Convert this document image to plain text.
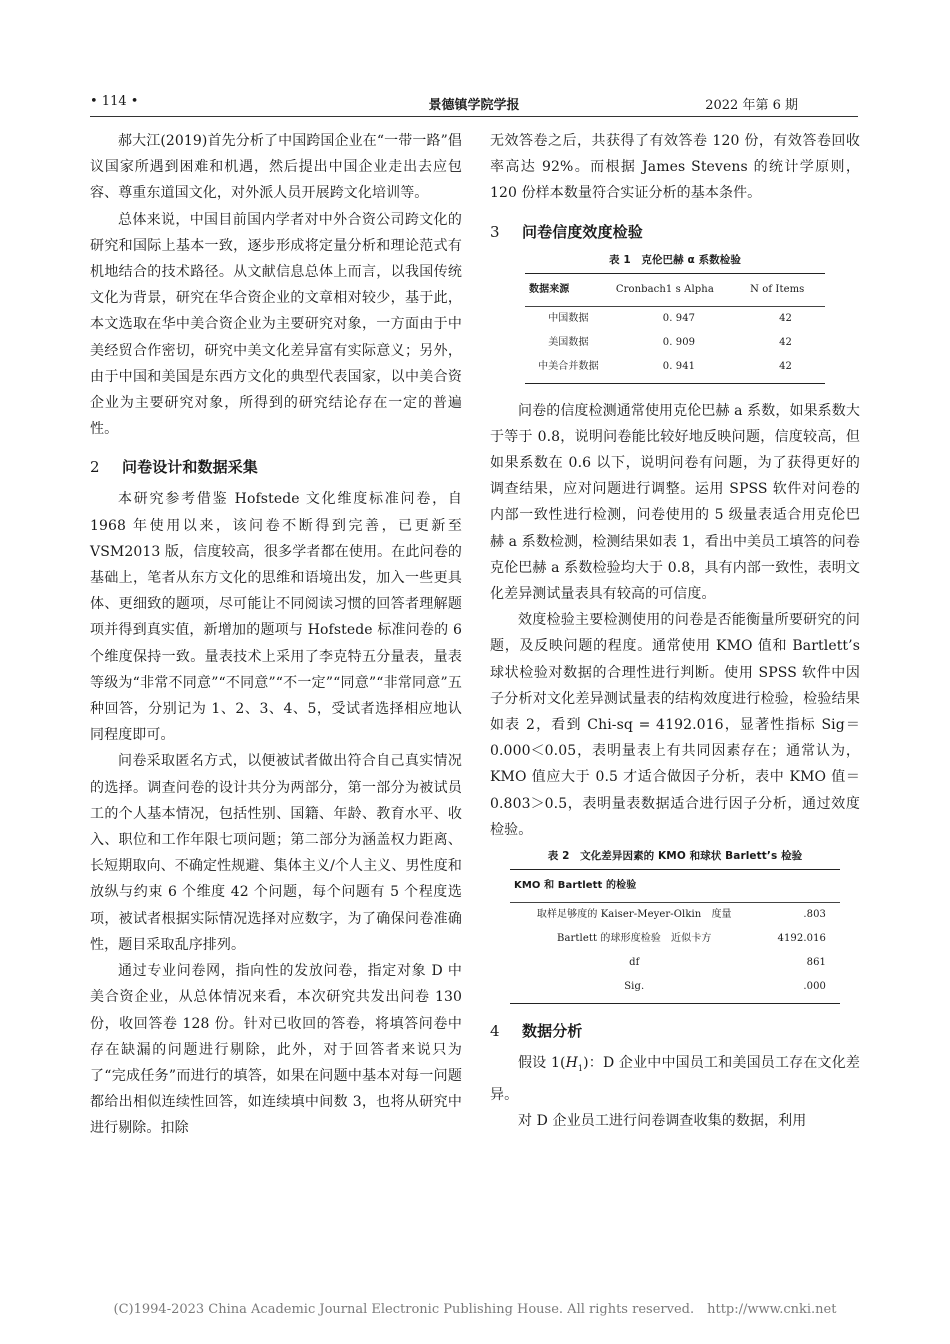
• 114 •	景德镇学院学报	2022 年第 6 期

郝大江(2019)首先分析了中国跨国企业在“一带一路”倡议国家所遇到困难和机遇，然后提出中国企业走出去应包容、尊重东道国文化，对外派人员开展跨文化培训等。

总体来说，中国目前国内学者对中外合资公司跨文化的研究和国际上基本一致，逐步形成将定量分析和理论范式有机地结合的技术路径。从文献信息总体上而言，以我国传统文化为背景，研究在华合资企业的文章相对较少，基于此，本文选取在华中美合资企业为主要研究对象，一方面由于中美经贸合作密切，研究中美文化差异富有实际意义；另外，由于中国和美国是东西方文化的典型代表国家，以中美合资企业为主要研究对象，所得到的研究结论存在一定的普遍性。

2 问卷设计和数据采集

本研究参考借鉴 Hofstede 文化维度标准问卷，自 1968 年使用以来，该问卷不断得到完善，已更新至 VSM2013 版，信度较高，很多学者都在使用。在此问卷的基础上，笔者从东方文化的思维和语境出发，加入一些更具体、更细致的题项，尽可能让不同阅读习惯的回答者理解题项并得到真实值，新增加的题项与 Hofstede 标准问卷的 6 个维度保持一致。量表技术上采用了李克特五分量表，量表等级为“非常不同意”“不同意”“不一定”“同意”“非常同意”五种回答，分别记为 1、2、3、4、5，受试者选择相应地认同程度即可。

问卷采取匿名方式，以便被试者做出符合自己真实情况的选择。调查问卷的设计共分为两部分，第一部分为被试员工的个人基本情况，包括性别、国籍、年龄、教育水平、收入、职位和工作年限七项问题；第二部分为涵盖权力距离、长短期取向、不确定性规避、集体主义/个人主义、男性度和放纵与约束 6 个维度 42 个问题，每个问题有 5 个程度选项，被试者根据实际情况选择对应数字，为了确保问卷准确性，题目采取乱序排列。

通过专业问卷网，指向性的发放问卷，指定对象 D 中美合资企业，从总体情况来看，本次研究共发出问卷 130 份，收回答卷 128 份。针对已收回的答卷，将填答问卷中存在缺漏的问题进行剔除，此外，对于回答者来说只为了“完成任务”而进行的填答，如果在问题中基本对每一问题都给出相似连续性回答，如连续填中间数 3，也将从研究中进行剔除。扣除

无效答卷之后，共获得了有效答卷 120 份，有效答卷回收率高达 92%。而根据 James Stevens 的统计学原则，120 份样本数量符合实证分析的基本条件。

3 问卷信度效度检验
表 1　克伦巴赫 α 系数检验
数据来源	Cronbach1 s Alpha	N of Items
中国数据	0. 947	42
美国数据	0. 909	42
中美合并数据	0. 941	42

问卷的信度检测通常使用克伦巴赫 a 系数，如果系数大于等于 0.8，说明问卷能比较好地反映问题，信度较高，但如果系数在 0.6 以下，说明问卷有问题，为了获得更好的调查结果，应对问题进行调整。运用 SPSS 软件对问卷的内部一致性进行检测，问卷使用的 5 级量表适合用克伦巴赫 a 系数检测，检测结果如表 1，看出中美员工填答的问卷克伦巴赫 a 系数检验均大于 0.8，具有内部一致性，表明文化差异测试量表具有较高的可信度。

效度检验主要检测使用的问卷是否能衡量所要研究的问题，及反映问题的程度。通常使用 KMO 值和 Bartlett’s 球状检验对数据的合理性进行判断。使用 SPSS 软件中因子分析对文化差异测试量表的结构效度进行检验，检验结果如表 2，看到 Chi-sq = 4192.016，显著性指标 Sig＝0.000＜0.05，表明量表上有共同因素存在；通常认为，KMO 值应大于 0.5 才适合做因子分析，表中 KMO 值＝0.803＞0.5，表明量表数据适合进行因子分析，通过效度检验。

表 2　文化差异因素的 KMO 和球状 Barlett’s 检验
KMO 和 Bartlett 的检验	
取样足够度的 Kaiser-Meyer-Olkin　度量	.803
Bartlett 的球形度检验　近似卡方	4192.016
df	861
Sig.	.000
4 数据分析

假设 $1(H_1)$：D 企业中中国员工和美国员工存在文化差异。

对 D 企业员工进行问卷调查收集的数据，利用

(C)1994-2023 China Academic Journal Electronic Publishing House. All rights reserved.　http://www.cnki.net
